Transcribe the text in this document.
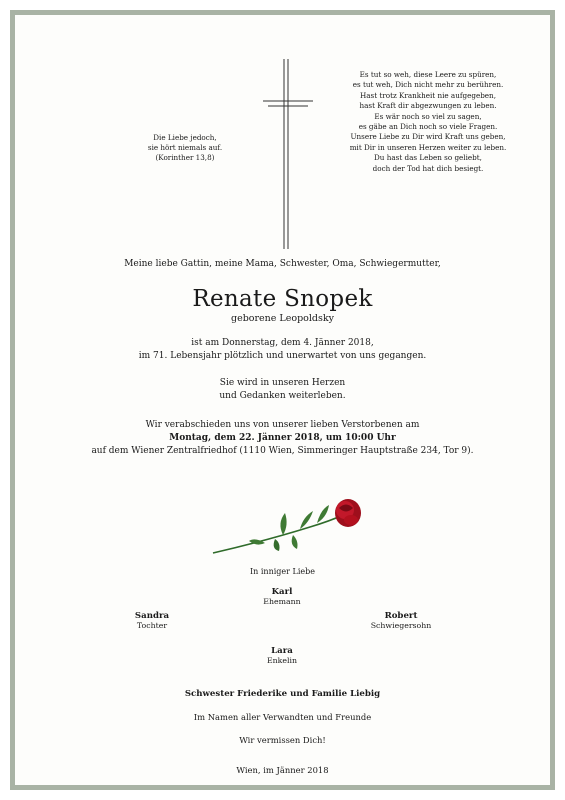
Die Liebe jedoch,
sie hört niemals auf.
(Korinther 13,8)
Es tut so weh, diese Leere zu spüren,
es tut weh, Dich nicht mehr zu berühren.
Hast trotz Krankheit nie aufgegeben,
hast Kraft dir abgezwungen zu leben.
Es wär noch so viel zu sagen,
es gäbe an Dich noch so viele Fragen.
Unsere Liebe zu Dir wird Kraft uns geben,
mit Dir in unseren Herzen weiter zu leben.
Du hast das Leben so geliebt,
doch der Tod hat dich besiegt.
Meine liebe Gattin, meine Mama, Schwester, Oma, Schwiegermutter,
Renate Snopek
geborene Leopoldsky
ist am Donnerstag, dem 4. Jänner 2018,
im 71. Lebensjahr plötzlich und unerwartet von uns gegangen.
Sie wird in unseren Herzen
und Gedanken weiterleben.
Wir verabschieden uns von unserer lieben Verstorbenen am
Montag, dem 22. Jänner 2018, um 10:00 Uhr
auf dem Wiener Zentralfriedhof (1110 Wien, Simmeringer Hauptstraße 234, Tor 9).
In inniger Liebe
Karl
Ehemann
Sandra
Tochter
Robert
Schwiegersohn
Lara
Enkelin
Schwester Friederike und Familie Liebig
Im Namen aller Verwandten und Freunde
Wir vermissen Dich!
Wien, im Jänner 2018
